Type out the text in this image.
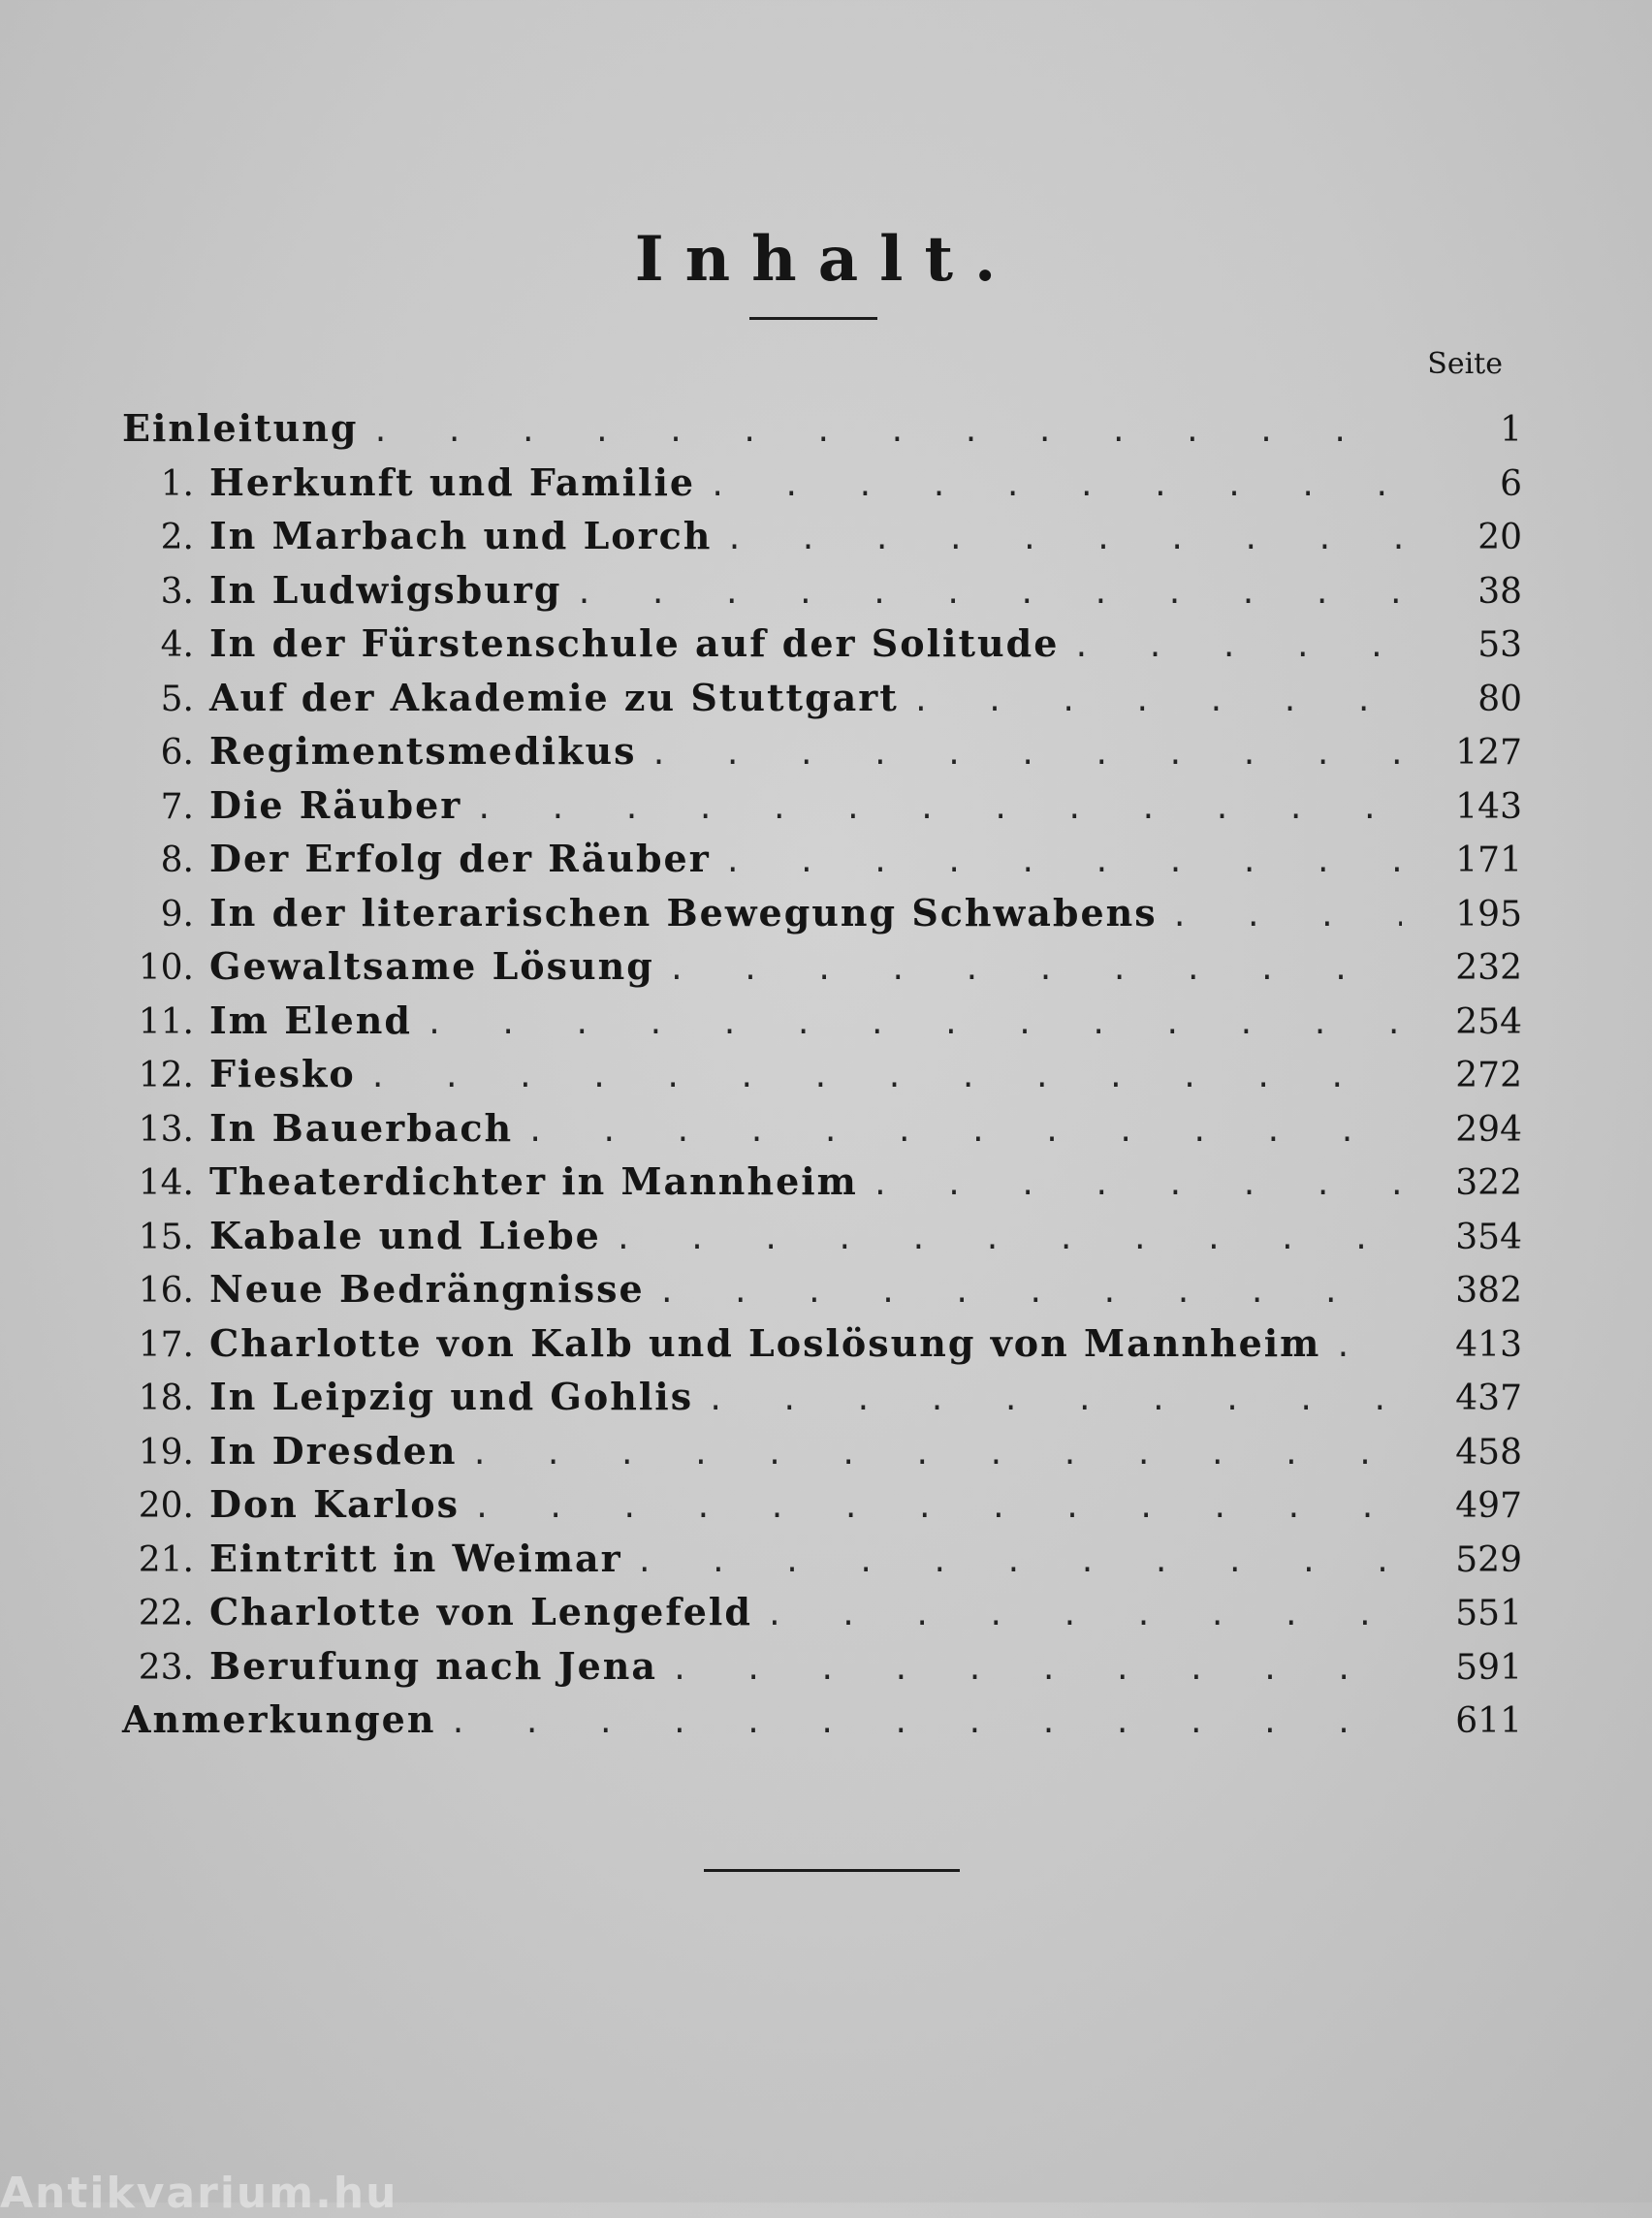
Inhalt.
Seite
Einleitung . . .	1
1. Herkunft und Familie . . .	6
2. In Marbach und Lorch . . .	20
3. In Ludwigsburg . . .	38
4. In der Fürstenschule auf der Solitude . . .	53
5. Auf der Akademie zu Stuttgart . . .	80
6. Regimentsmedikus . . .	127
7. Die Räuber . . .	143
8. Der Erfolg der Räuber . . .	171
9. In der literarischen Bewegung Schwabens . . .	195
10. Gewaltsame Lösung . . .	232
11. Im Elend . . .	254
12. Fiesko . . .	272
13. In Bauerbach . . .	294
14. Theaterdichter in Mannheim . . .	322
15. Kabale und Liebe . . .	354
16. Neue Bedrängnisse . . .	382
17. Charlotte von Kalb und Loslösung von Mannheim . . .	413
18. In Leipzig und Gohlis . . .	437
19. In Dresden . . .	458
20. Don Karlos . . .	497
21. Eintritt in Weimar . . .	529
22. Charlotte von Lengefeld . . .	551
23. Berufung nach Jena . . .	591
Anmerkungen . . .	611
Antikvarium.hu
